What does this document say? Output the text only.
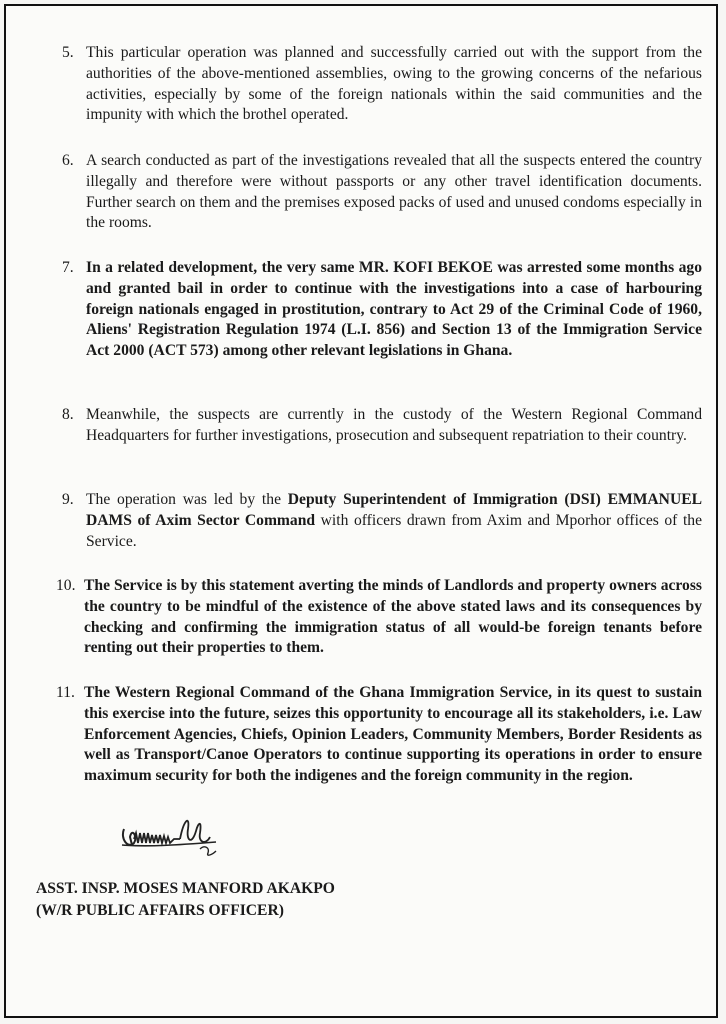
5. This particular operation was planned and successfully carried out with the support from the authorities of the above-mentioned assemblies, owing to the growing concerns of the nefarious activities, especially by some of the foreign nationals within the said communities and the impunity with which the brothel operated.
6. A search conducted as part of the investigations revealed that all the suspects entered the country illegally and therefore were without passports or any other travel identification documents. Further search on them and the premises exposed packs of used and unused condoms especially in the rooms.
7. In a related development, the very same MR. KOFI BEKOE was arrested some months ago and granted bail in order to continue with the investigations into a case of harbouring foreign nationals engaged in prostitution, contrary to Act 29 of the Criminal Code of 1960, Aliens' Registration Regulation 1974 (L.I. 856) and Section 13 of the Immigration Service Act 2000 (ACT 573) among other relevant legislations in Ghana.
8. Meanwhile, the suspects are currently in the custody of the Western Regional Command Headquarters for further investigations, prosecution and subsequent repatriation to their country.
9. The operation was led by the Deputy Superintendent of Immigration (DSI) EMMANUEL DAMS of Axim Sector Command with officers drawn from Axim and Mporhor offices of the Service.
10. The Service is by this statement averting the minds of Landlords and property owners across the country to be mindful of the existence of the above stated laws and its consequences by checking and confirming the immigration status of all would-be foreign tenants before renting out their properties to them.
11. The Western Regional Command of the Ghana Immigration Service, in its quest to sustain this exercise into the future, seizes this opportunity to encourage all its stakeholders, i.e. Law Enforcement Agencies, Chiefs, Opinion Leaders, Community Members, Border Residents as well as Transport/Canoe Operators to continue supporting its operations in order to ensure maximum security for both the indigenes and the foreign community in the region.
ASST. INSP. MOSES MANFORD AKAKPO
(W/R PUBLIC AFFAIRS OFFICER)
